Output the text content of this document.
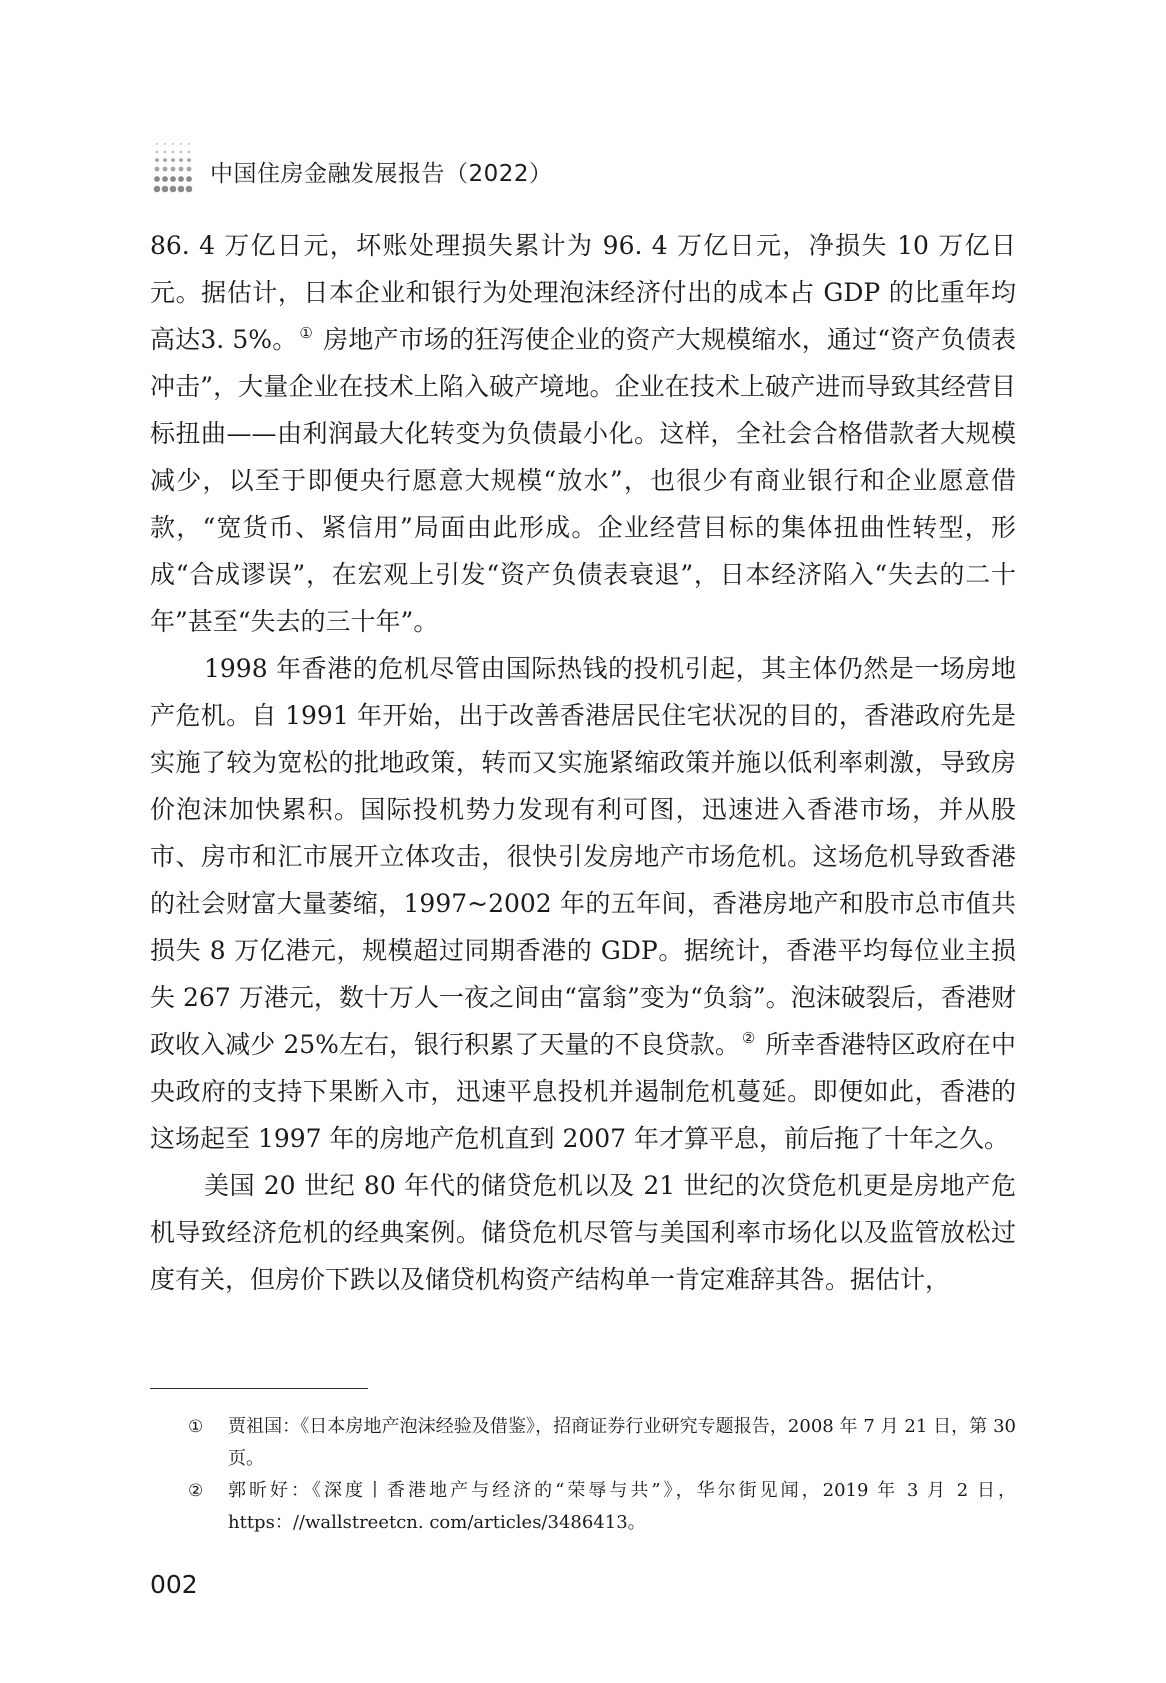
中国住房金融发展报告（2022）

86. 4 万亿日元，坏账处理损失累计为 96. 4 万亿日元，净损失 10 万亿日元。据估计，日本企业和银行为处理泡沫经济付出的成本占 GDP 的比重年均高达3. 5%。 ① 房地产市场的狂泻使企业的资产大规模缩水，通过“资产负债表冲击”，大量企业在技术上陷入破产境地。企业在技术上破产进而导致其经营目标扭曲——由利润最大化转变为负债最小化。这样，全社会合格借款者大规模减少，以至于即便央行愿意大规模“放水”，也很少有商业银行和企业愿意借款，“宽货币、紧信用”局面由此形成。企业经营目标的集体扭曲性转型，形成“合成谬误”，在宏观上引发“资产负债表衰退”，日本经济陷入“失去的二十年”甚至“失去的三十年”。

1998 年香港的危机尽管由国际热钱的投机引起，其主体仍然是一场房地产危机。自 1991 年开始，出于改善香港居民住宅状况的目的，香港政府先是实施了较为宽松的批地政策，转而又实施紧缩政策并施以低利率刺激，导致房价泡沫加快累积。国际投机势力发现有利可图，迅速进入香港市场，并从股市、房市和汇市展开立体攻击，很快引发房地产市场危机。这场危机导致香港的社会财富大量萎缩，1997~2002 年的五年间，香港房地产和股市总市值共损失 8 万亿港元，规模超过同期香港的 GDP。据统计，香港平均每位业主损失 267 万港元，数十万人一夜之间由“富翁”变为“负翁”。泡沫破裂后，香港财政收入减少 25%左右，银行积累了天量的不良贷款。 ② 所幸香港特区政府在中央政府的支持下果断入市，迅速平息投机并遏制危机蔓延。即便如此，香港的这场起至 1997 年的房地产危机直到 2007 年才算平息，前后拖了十年之久。

美国 20 世纪 80 年代的储贷危机以及 21 世纪的次贷危机更是房地产危机导致经济危机的经典案例。储贷危机尽管与美国利率市场化以及监管放松过度有关，但房价下跌以及储贷机构资产结构单一肯定难辞其咎。据估计，

①	贾祖国：《日本房地产泡沫经验及借鉴》，招商证券行业研究专题报告，2008 年 7 月 21 日，第 30 页。
②	郭昕好：《深度丨香港地产与经济的“荣辱与共”》，华尔街见闻，2019 年 3 月 2 日，https：//wallstreetcn. com/articles/3486413。
002
